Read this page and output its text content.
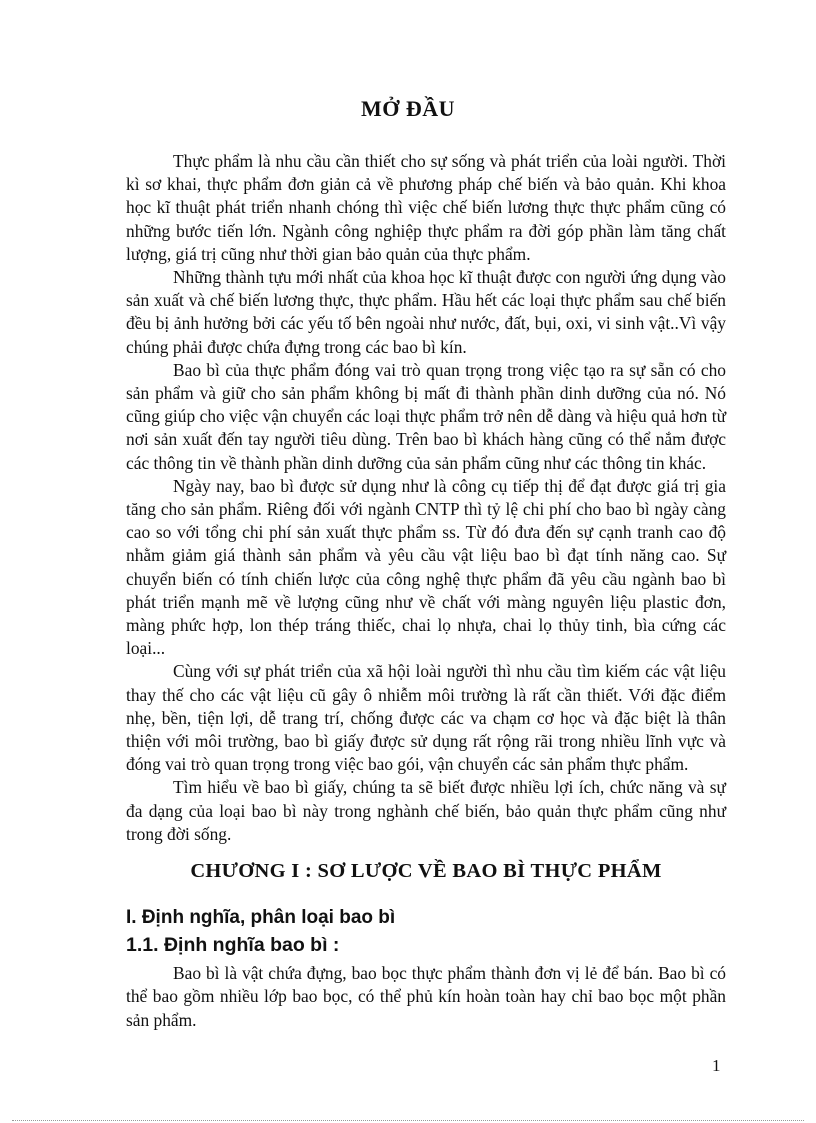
MỞ ĐẦU

Thực phẩm là nhu cầu cần thiết cho sự sống và phát triển của loài người. Thời kì sơ khai, thực phẩm đơn giản cả về phương pháp chế biến và bảo quản. Khi khoa học kĩ thuật phát triển nhanh chóng thì việc chế biến lương thực thực phẩm cũng có những bước tiến lớn. Ngành công nghiệp thực phẩm ra đời góp phần làm tăng chất lượng, giá trị cũng như thời gian bảo quản của thực phẩm.

Những thành tựu mới nhất của khoa học kĩ thuật được con người ứng dụng vào sản xuất và chế biến lương thực, thực phẩm. Hầu hết các loại thực phẩm sau chế biến đều bị ảnh hưởng bởi các yếu tố bên ngoài như nước, đất, bụi, oxi, vi sinh vật..Vì vậy chúng phải được chứa đựng trong các bao bì kín.

Bao bì của thực phẩm đóng vai trò quan trọng trong việc tạo ra sự sẵn có cho sản phẩm và giữ cho sản phẩm không bị mất đi thành phần dinh dưỡng của nó. Nó cũng giúp cho việc vận chuyển các loại thực phẩm trở nên dễ dàng và hiệu quả hơn từ nơi sản xuất đến tay người tiêu dùng. Trên bao bì khách hàng cũng có thể nắm được các thông tin về thành phần dinh dưỡng của sản phẩm cũng như các thông tin khác.

Ngày nay, bao bì được sử dụng như là công cụ tiếp thị để đạt được giá trị gia tăng cho sản phẩm. Riêng đối với ngành CNTP thì tỷ lệ chi phí cho bao bì ngày càng cao so với tổng chi phí sản xuất thực phẩm ss. Từ đó đưa đến sự cạnh tranh cao độ nhằm giảm giá thành sản phẩm và yêu cầu vật liệu bao bì đạt tính năng cao. Sự chuyển biến có tính chiến lược của công nghệ thực phẩm đã yêu cầu ngành bao bì phát triển mạnh mẽ về lượng cũng như về chất với màng nguyên liệu plastic đơn, màng phức hợp, lon thép tráng thiếc, chai lọ nhựa, chai lọ thủy tinh, bìa cứng các loại...

Cùng với sự phát triển của xã hội loài người thì nhu cầu tìm kiếm các vật liệu thay thế cho các vật liệu cũ gây ô nhiễm môi trường là rất cần thiết. Với đặc điểm nhẹ, bền, tiện lợi, dễ trang trí, chống được các va chạm cơ học và đặc biệt là thân thiện với môi trường, bao bì giấy được sử dụng rất rộng rãi trong nhiều lĩnh vực và đóng vai trò quan trọng trong việc bao gói, vận chuyển các sản phẩm thực phẩm.

Tìm hiểu về bao bì giấy, chúng ta sẽ biết được nhiều lợi ích, chức năng và sự đa dạng của loại bao bì này trong nghành chế biến, bảo quản thực phẩm cũng như trong đời sống.

CHƯƠNG I : SƠ LƯỢC VỀ BAO BÌ THỰC PHẨM
I. Định nghĩa, phân loại bao bì
1.1. Định nghĩa bao bì :

Bao bì là vật chứa đựng, bao bọc thực phẩm thành đơn vị lẻ để bán. Bao bì có thể bao gồm nhiều lớp bao bọc, có thể phủ kín hoàn toàn hay chỉ bao bọc một phần sản phẩm.

1
